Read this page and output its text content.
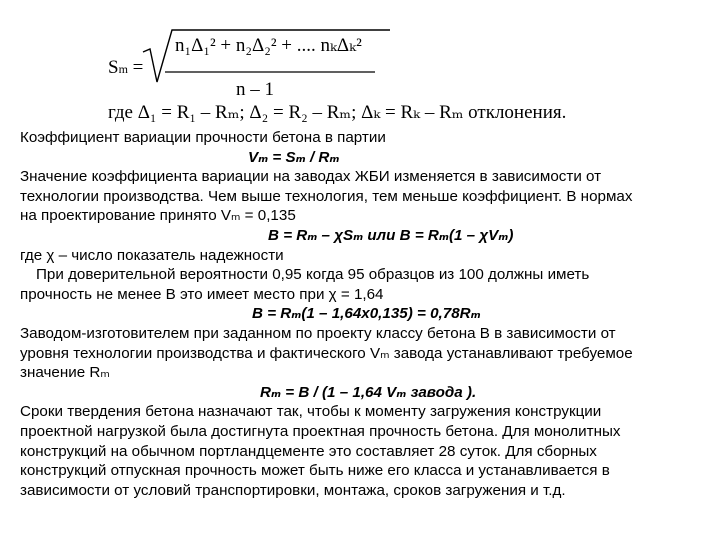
Sm =
n₁Δ₁² + n₂Δ₂² + .... nₖΔₖ²
n – 1
где Δ₁ = R₁ – Rₘ; Δ₂ = R₂ – Rₘ; Δₖ = Rₖ – Rₘ отклонения.
Коэффициент вариации прочности бетона в партии
Vₘ = Sₘ / Rₘ
Значение коэффициента вариации на заводах ЖБИ изменяется в зависимости от
технологии производства. Чем выше технология, тем меньше коэффициент. В нормах
на проектирование принято Vₘ = 0,135
B = Rₘ – χSₘ или B = Rₘ(1 – χVₘ)
где χ – число показатель надежности
При доверительной вероятности 0,95 когда 95 образцов из 100 должны иметь
прочность не менее B это имеет место при χ = 1,64
B = Rₘ(1 – 1,64х0,135) = 0,78Rₘ
Заводом-изготовителем при заданном по проекту классу бетона B в зависимости от
уровня технологии производства и фактического Vₘ завода устанавливают требуемое
значение Rₘ
Rₘ = B / (1 – 1,64 Vₘ завода ).
Сроки твердения бетона назначают так, чтобы к моменту загружения конструкции
проектной нагрузкой была достигнута проектная прочность бетона. Для монолитных
конструкций на обычном портландцементе это составляет 28 суток. Для сборных
конструкций отпускная прочность может быть ниже его класса и устанавливается в
зависимости от условий транспортировки, монтажа, сроков загружения и т.д.
